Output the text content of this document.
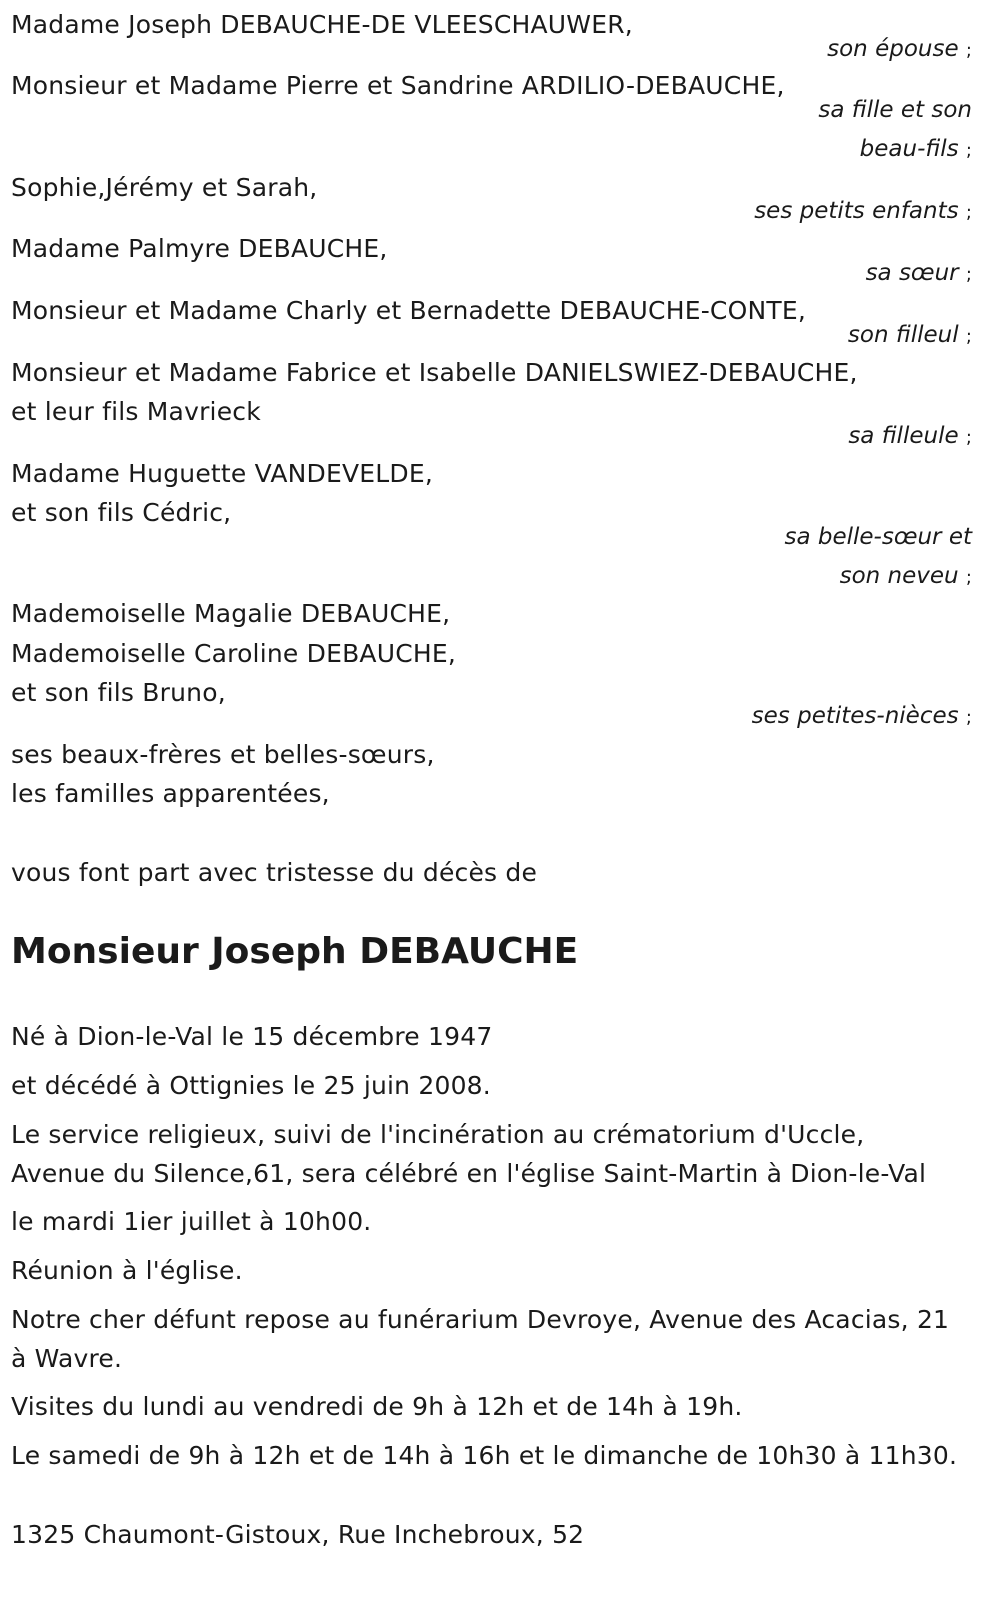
Madame Joseph DEBAUCHE-DE VLEESCHAUWER,
son épouse ;
Monsieur et Madame Pierre et Sandrine ARDILIO-DEBAUCHE,
sa fille et son
beau-fils ;
Sophie,Jérémy et Sarah,
ses petits enfants ;
Madame Palmyre DEBAUCHE,
sa sœur ;
Monsieur et Madame Charly et Bernadette DEBAUCHE-CONTE,
son filleul ;
Monsieur et Madame Fabrice et Isabelle DANIELSWIEZ-DEBAUCHE,
et leur fils Mavrieck
sa filleule ;
Madame Huguette VANDEVELDE,
et son fils Cédric,
sa belle-sœur et
son neveu ;
Mademoiselle Magalie DEBAUCHE,
Mademoiselle Caroline DEBAUCHE,
et son fils Bruno,
ses petites-nièces ;
ses beaux-frères et belles-sœurs,
les familles apparentées,
vous font part avec tristesse du décès de
Monsieur Joseph DEBAUCHE
Né à Dion-le-Val le 15 décembre 1947
et décédé à Ottignies le 25 juin 2008.
Le service religieux, suivi de l'incinération au crématorium d'Uccle,
Avenue du Silence,61, sera célébré en l'église Saint-Martin à Dion-le-Val
le mardi 1ier juillet à 10h00.
Réunion à l'église.
Notre cher défunt repose au funérarium Devroye, Avenue des Acacias, 21
à Wavre.
Visites du lundi au vendredi de 9h à 12h et de 14h à 19h.
Le samedi de 9h à 12h et de 14h à 16h et le dimanche de 10h30 à 11h30.
1325 Chaumont-Gistoux, Rue Inchebroux, 52
